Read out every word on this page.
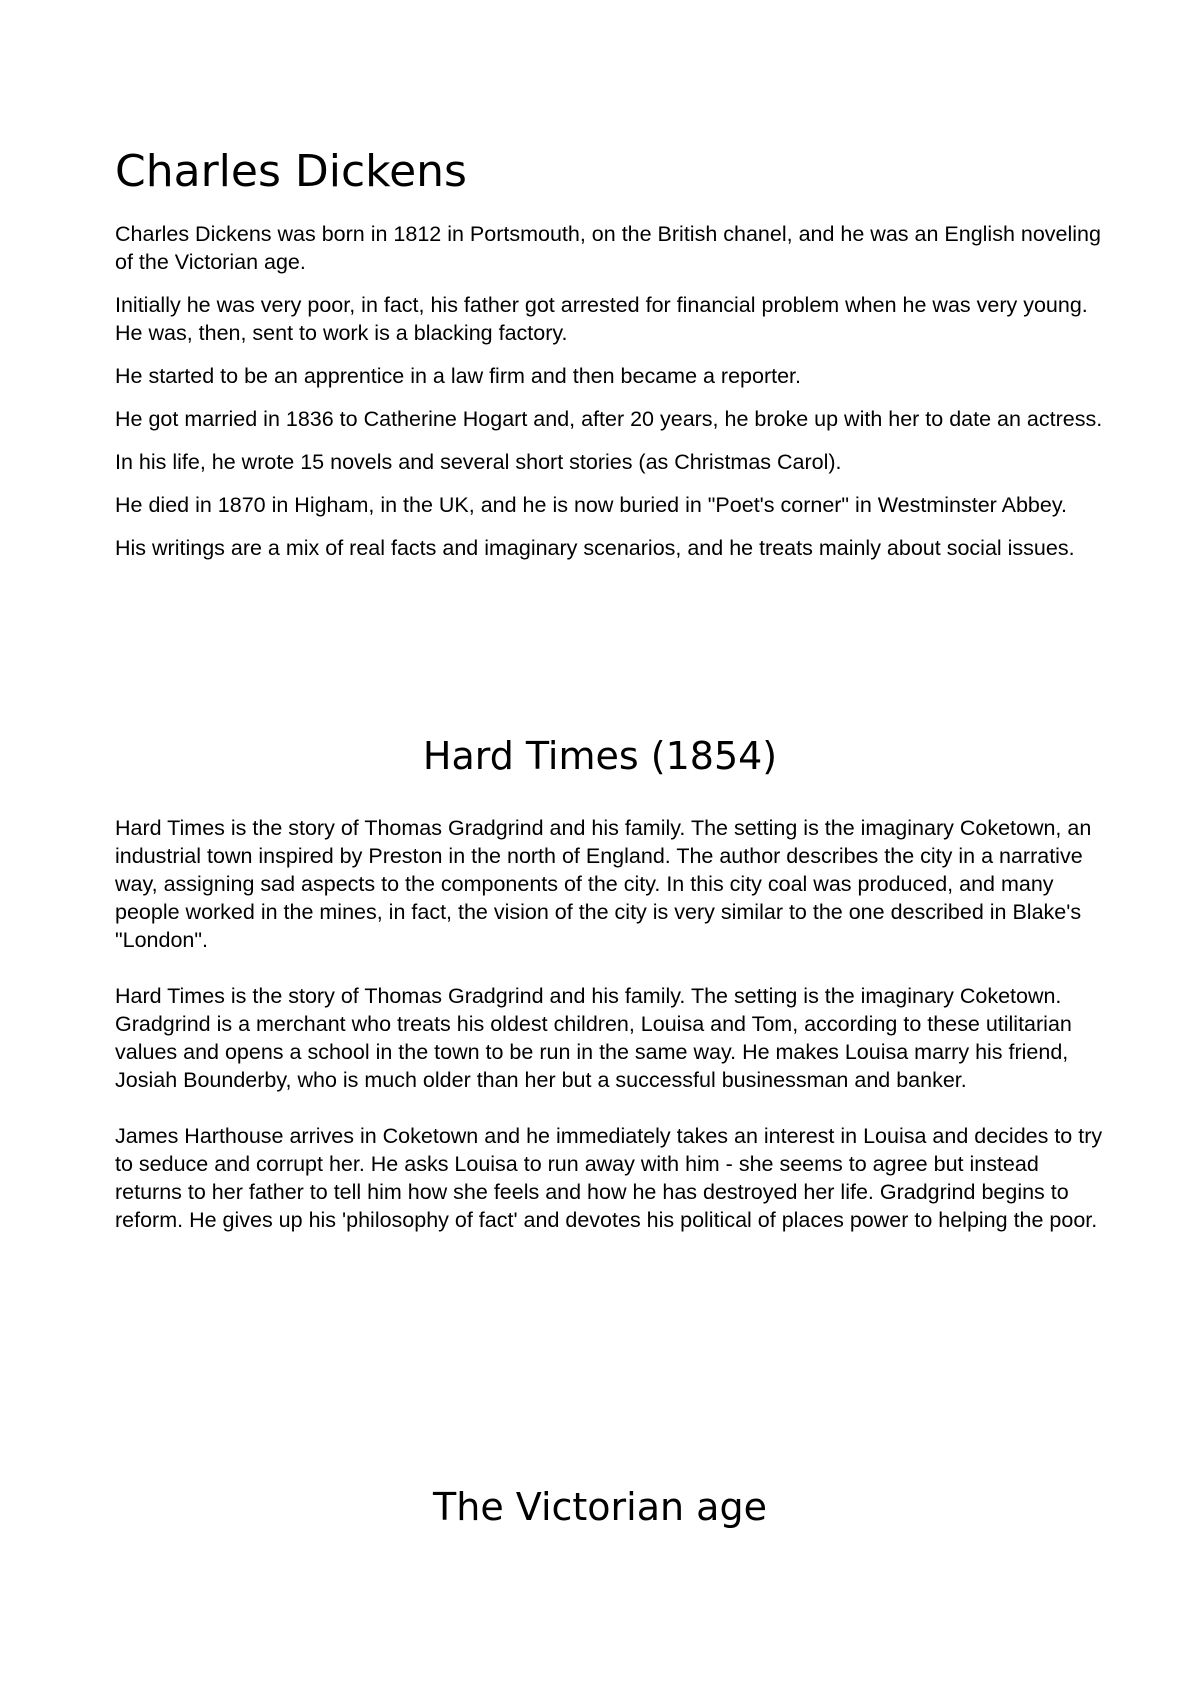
Charles Dickens

Charles Dickens was born in 1812 in Portsmouth, on the British chanel, and he was an English noveling of the Victorian age.

Initially he was very poor, in fact, his father got arrested for financial problem when he was very young. He was, then, sent to work is a blacking factory.

He started to be an apprentice in a law firm and then became a reporter.

He got married in 1836 to Catherine Hogart and, after 20 years, he broke up with her to date an actress.

In his life, he wrote 15 novels and several short stories (as Christmas Carol).

He died in 1870 in Higham, in the UK, and he is now buried in "Poet's corner" in Westminster Abbey.

His writings are a mix of real facts and imaginary scenarios, and he treats mainly about social issues.

Hard Times (1854)

Hard Times is the story of Thomas Gradgrind and his family. The setting is the imaginary Coketown, an industrial town inspired by Preston in the north of England. The author describes the city in a narrative way, assigning sad aspects to the components of the city. In this city coal was produced, and many people worked in the mines, in fact, the vision of the city is very similar to the one described in Blake's "London".

Hard Times is the story of Thomas Gradgrind and his family. The setting is the imaginary Coketown. Gradgrind is a merchant who treats his oldest children, Louisa and Tom, according to these utilitarian values and opens a school in the town to be run in the same way. He makes Louisa marry his friend, Josiah Bounderby, who is much older than her but a successful businessman and banker.

James Harthouse arrives in Coketown and he immediately takes an interest in Louisa and decides to try to seduce and corrupt her. He asks Louisa to run away with him - she seems to agree but instead returns to her father to tell him how she feels and how he has destroyed her life. Gradgrind begins to reform. He gives up his 'philosophy of fact' and devotes his political of places power to helping the poor.

The Victorian age
